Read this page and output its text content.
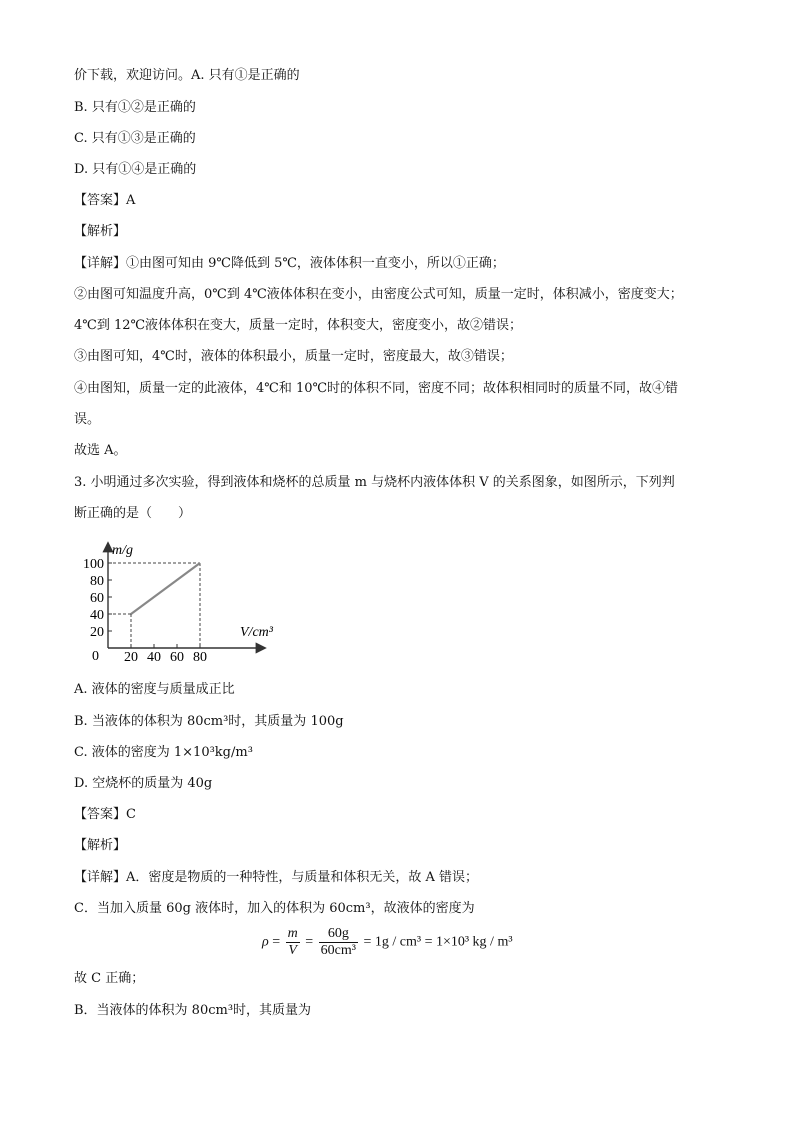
价下载，欢迎访问。A. 只有①是正确的
B. 只有①②是正确的
C. 只有①③是正确的
D. 只有①④是正确的
【答案】A
【解析】
【详解】①由图可知由 9℃降低到 5℃，液体体积一直变小，所以①正确；
②由图可知温度升高，0℃到 4℃液体体积在变小，由密度公式可知，质量一定时，体积减小，密度变大；
4℃到 12℃液体体积在变大，质量一定时，体积变大，密度变小，故②错误；
③由图可知，4℃时，液体的体积最小，质量一定时，密度最大，故③错误；
④由图知，质量一定的此液体，4℃和 10℃时的体积不同，密度不同；故体积相同时的质量不同，故④错
误。
故选 A。
3. 小明通过多次实验，得到液体和烧杯的总质量 m 与烧杯内液体体积 V 的关系图象，如图所示，下列判
断正确的是（　　）
20 40 60 80
20
40
60
80
100
m/g
V/cm³
0
A. 液体的密度与质量成正比
B. 当液体的体积为 80cm³时，其质量为 100g
C. 液体的密度为 1×10³kg/m³
D. 空烧杯的质量为 40g
【答案】C
【解析】
【详解】A．密度是物质的一种特性，与质量和体积无关，故 A 错误；
C．当加入质量 60g 液体时，加入的体积为 60cm³，故液体的密度为
$\rho = \frac{m}{V} = \frac{60g}{\text{60cm³}} = 1g / cm^3 = 1\times 10^3$ kg / m³
故 C 正确；
B．当液体的体积为 80cm³时，其质量为
